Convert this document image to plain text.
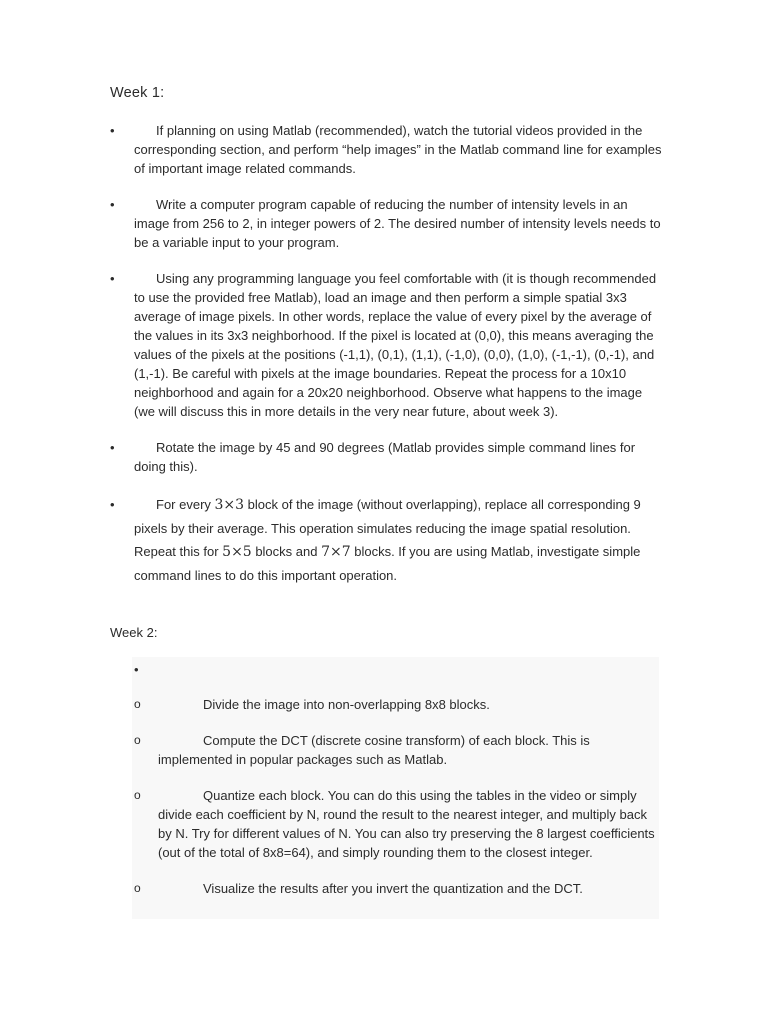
Week 1:
•	If planning on using Matlab (recommended), watch the tutorial videos provided in the corresponding section, and perform “help images” in the Matlab command line for examples of important image related commands.
•	Write a computer program capable of reducing the number of intensity levels in an image from 256 to 2, in integer powers of 2. The desired number of intensity levels needs to be a variable input to your program.
•	Using any programming language you feel comfortable with (it is though recommended to use the provided free Matlab), load an image and then perform a simple spatial 3x3 average of image pixels. In other words, replace the value of every pixel by the average of the values in its 3x3 neighborhood. If the pixel is located at (0,0), this means averaging the values of the pixels at the positions (-1,1), (0,1), (1,1), (-1,0), (0,0), (1,0), (-1,-1), (0,-1), and (1,-1). Be careful with pixels at the image boundaries. Repeat the process for a 10x10 neighborhood and again for a 20x20 neighborhood. Observe what happens to the image (we will discuss this in more details in the very near future, about week 3).
•	Rotate the image by 45 and 90 degrees (Matlab provides simple command lines for doing this).
•	For every 3×3 block of the image (without overlapping), replace all corresponding 9 pixels by their average. This operation simulates reducing the image spatial resolution. Repeat this for 5×5 blocks and 7×7 blocks. If you are using Matlab, investigate simple command lines to do this important operation.
Week 2:
•
o	Divide the image into non-overlapping 8x8 blocks.
o	Compute the DCT (discrete cosine transform) of each block. This is implemented in popular packages such as Matlab.
o	Quantize each block. You can do this using the tables in the video or simply divide each coefficient by N, round the result to the nearest integer, and multiply back by N. Try for different values of N. You can also try preserving the 8 largest coefficients (out of the total of 8x8=64), and simply rounding them to the closest integer.
o	Visualize the results after you invert the quantization and the DCT.
